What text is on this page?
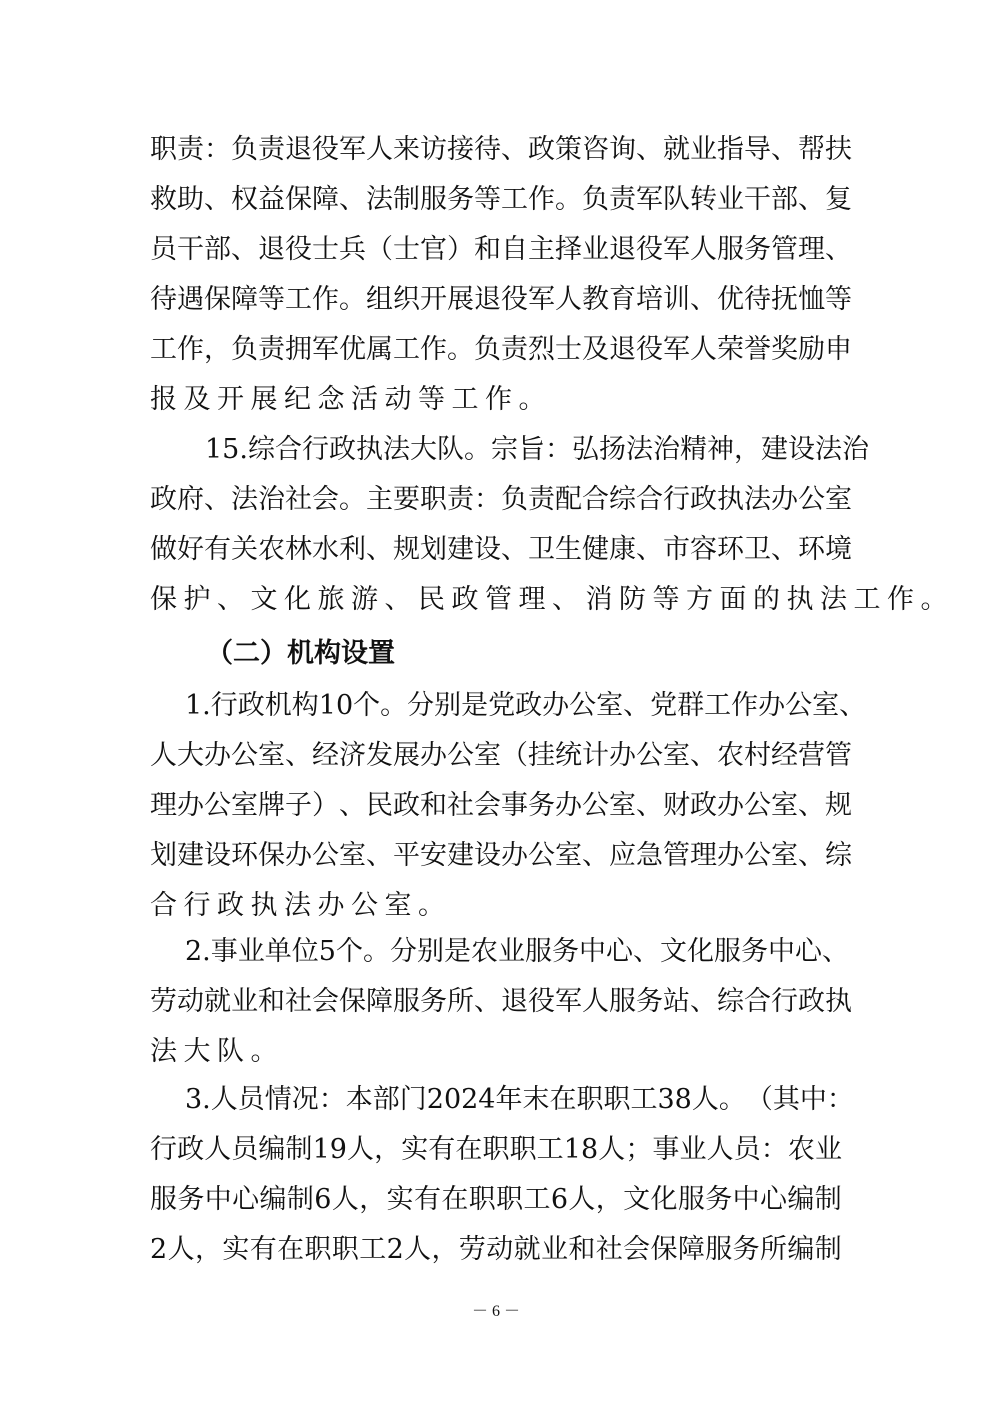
职 责 ： 负 责 退 役 军 人 来 访 接 待 、 政 策 咨 询 、 就 业 指 导 、 帮 扶
救 助 、 权 益 保 障 、 法 制 服 务 等 工 作 。 负 责 军 队 转 业 干 部 、 复
员 干 部 、 退 役 士 兵 （ 士 官 ） 和 自 主 择 业 退 役 军 人 服 务 管 理 、
待 遇 保 障 等 工 作 。 组 织 开 展 退 役 军 人 教 育 培 训 、 优 待 抚 恤 等
工 作 ， 负 责 拥 军 优 属 工 作 。 负 责 烈 士 及 退 役 军 人 荣 誉 奖 励 申
报及开展纪念活动等工作。
15. 综 合 行 政 执 法 大 队 。 宗 旨 ： 弘 扬 法 治 精 神 ， 建 设 法 治
政 府 、 法 治 社 会 。 主 要 职 责 ： 负 责 配 合 综 合 行 政 执 法 办 公 室
做 好 有 关 农 林 水 利 、 规 划 建 设 、 卫 生 健 康 、 市 容 环 卫 、 环 境
保护、文化旅游、民政管理、消防等方面的执法工作。
（二）机构设置
1. 行 政 机 构 10 个 。 分 别 是 党 政 办 公 室 、 党 群 工 作 办 公 室 、
人 大 办 公 室 、 经 济 发 展 办 公 室 （ 挂 统 计 办 公 室 、 农 村 经 营 管
理 办 公 室 牌 子 ） 、 民 政 和 社 会 事 务 办 公 室 、 财 政 办 公 室 、 规
划 建 设 环 保 办 公 室 、 平 安 建 设 办 公 室 、 应 急 管 理 办 公 室 、 综
合行政执法办公室。
2. 事 业 单 位 5 个 。 分 别 是 农 业 服 务 中 心 、 文 化 服 务 中 心 、
劳 动 就 业 和 社 会 保 障 服 务 所 、 退 役 军 人 服 务 站 、 综 合 行 政 执
法大队。
3. 人 员 情 况 ： 本 部 门 2024 年 末 在 职 职 工 38 人 。 （ 其 中 ：
行 政 人 员 编 制 19 人 ， 实 有 在 职 职 工 18 人 ； 事 业 人 员 ： 农 业
服 务 中 心 编 制 6 人 ， 实 有 在 职 职 工 6 人 ， 文 化 服 务 中 心 编 制
2 人 ， 实 有 在 职 职 工 2 人 ， 劳 动 就 业 和 社 会 保 障 服 务 所 编 制
－ 6 －
